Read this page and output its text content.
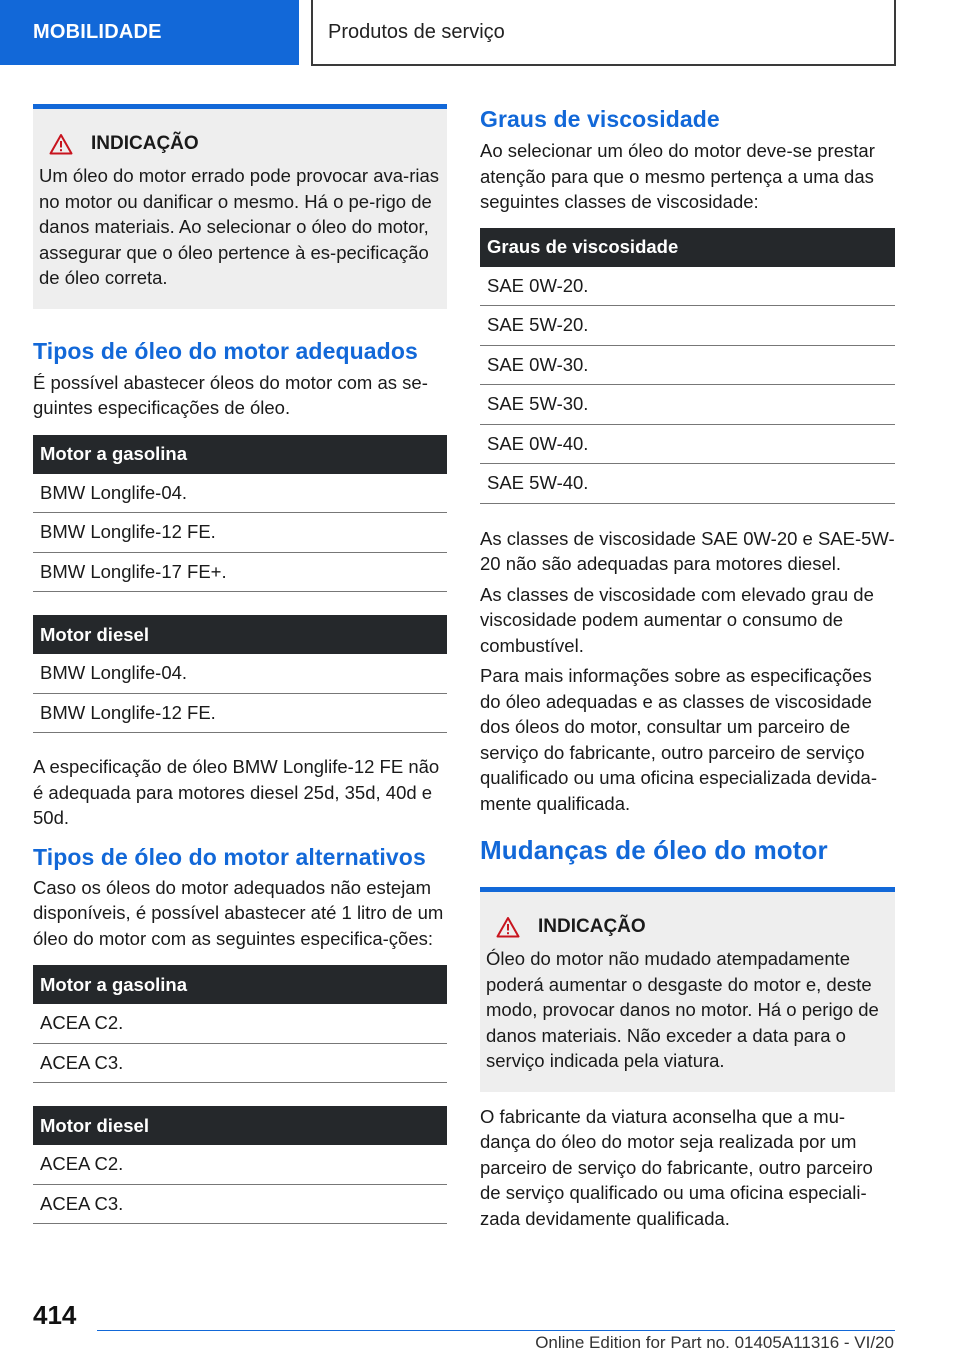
MOBILIDADE	Produtos de serviço
INDICAÇÃO
Um óleo do motor errado pode provocar ava-rias no motor ou danificar o mesmo. Há o pe-rigo de danos materiais. Ao selecionar o óleo do motor, assegurar que o óleo pertence à es-pecificação de óleo correta.
Tipos de óleo do motor adequados

É possível abastecer óleos do motor com as se-guintes especificações de óleo.

Motor a gasolina
BMW Longlife-04.
BMW Longlife-12 FE.
BMW Longlife-17 FE+.
Motor diesel
BMW Longlife-04.
BMW Longlife-12 FE.

A especificação de óleo BMW Longlife-12 FE não é adequada para motores diesel 25d, 35d, 40d e 50d.

Tipos de óleo do motor alternativos

Caso os óleos do motor adequados não estejam disponíveis, é possível abastecer até 1 litro de um óleo do motor com as seguintes especifica-ções:

Motor a gasolina
ACEA C2.
ACEA C3.
Motor diesel
ACEA C2.
ACEA C3.
Graus de viscosidade

Ao selecionar um óleo do motor deve-se prestar atenção para que o mesmo pertença a uma das seguintes classes de viscosidade:

Graus de viscosidade
SAE 0W-20.
SAE 5W-20.
SAE 0W-30.
SAE 5W-30.
SAE 0W-40.
SAE 5W-40.

As classes de viscosidade SAE 0W-20 e SAE-5W-20 não são adequadas para motores diesel.

As classes de viscosidade com elevado grau de viscosidade podem aumentar o consumo de combustível.

Para mais informações sobre as especificações do óleo adequadas e as classes de viscosidade dos óleos do motor, consultar um parceiro de serviço do fabricante, outro parceiro de serviço qualificado ou uma oficina especializada devida-mente qualificada.

Mudanças de óleo do motor
INDICAÇÃO
Óleo do motor não mudado atempadamente poderá aumentar o desgaste do motor e, deste modo, provocar danos no motor. Há o perigo de danos materiais. Não exceder a data para o serviço indicada pela viatura.

O fabricante da viatura aconselha que a mu-dança do óleo do motor seja realizada por um parceiro de serviço do fabricante, outro parceiro de serviço qualificado ou uma oficina especiali-zada devidamente qualificada.

414
Online Edition for Part no. 01405A11316 - VI/20
